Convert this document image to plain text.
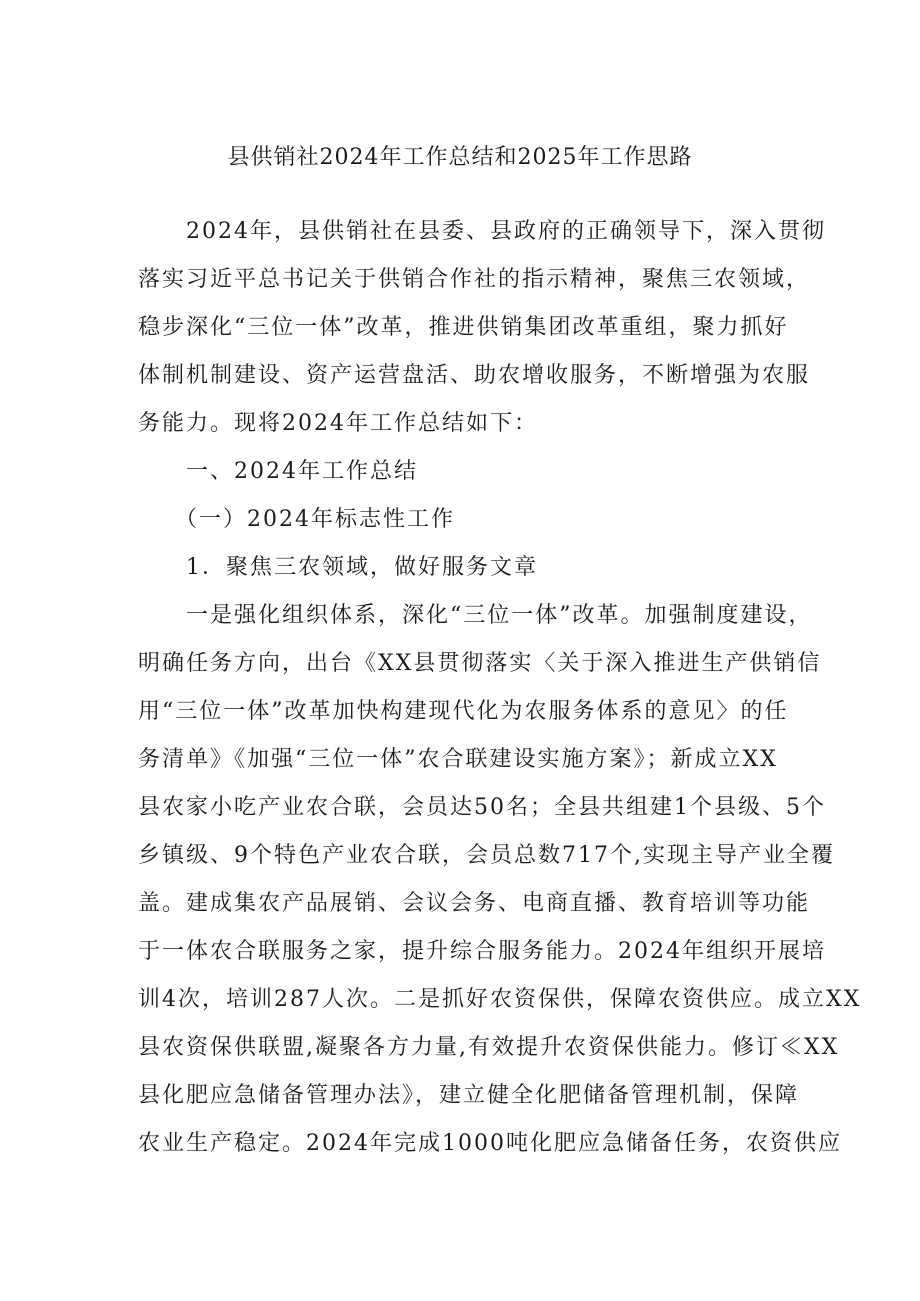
县供销社2024年工作总结和2025年工作思路
　　2024年，县供销社在县委、县政府的正确领导下，深入贯彻
落实习近平总书记关于供销合作社的指示精神，聚焦三农领域，
稳步深化“三位一体”改革，推进供销集团改革重组，聚力抓好
体制机制建设、资产运营盘活、助农增收服务，不断增强为农服
务能力。现将2024年工作总结如下：
　　一、2024年工作总结
　　（一）2024年标志性工作
　　1．聚焦三农领域，做好服务文章
　　一是强化组织体系，深化“三位一体”改革。加强制度建设，
明确任务方向，出台《XX县贯彻落实〈关于深入推进生产供销信
用“三位一体”改革加快构建现代化为农服务体系的意见〉的任
务清单》《加强“三位一体”农合联建设实施方案》；新成立XX
县农家小吃产业农合联，会员达50名；全县共组建1个县级、5个
乡镇级、9个特色产业农合联，会员总数717个,实现主导产业全覆
盖。建成集农产品展销、会议会务、电商直播、教育培训等功能
于一体农合联服务之家，提升综合服务能力。2024年组织开展培
训4次，培训287人次。二是抓好农资保供，保障农资供应。成立XX
县农资保供联盟,凝聚各方力量,有效提升农资保供能力。修订≪XX
县化肥应急储备管理办法》，建立健全化肥储备管理机制，保障
农业生产稳定。2024年完成1000吨化肥应急储备任务，农资供应
